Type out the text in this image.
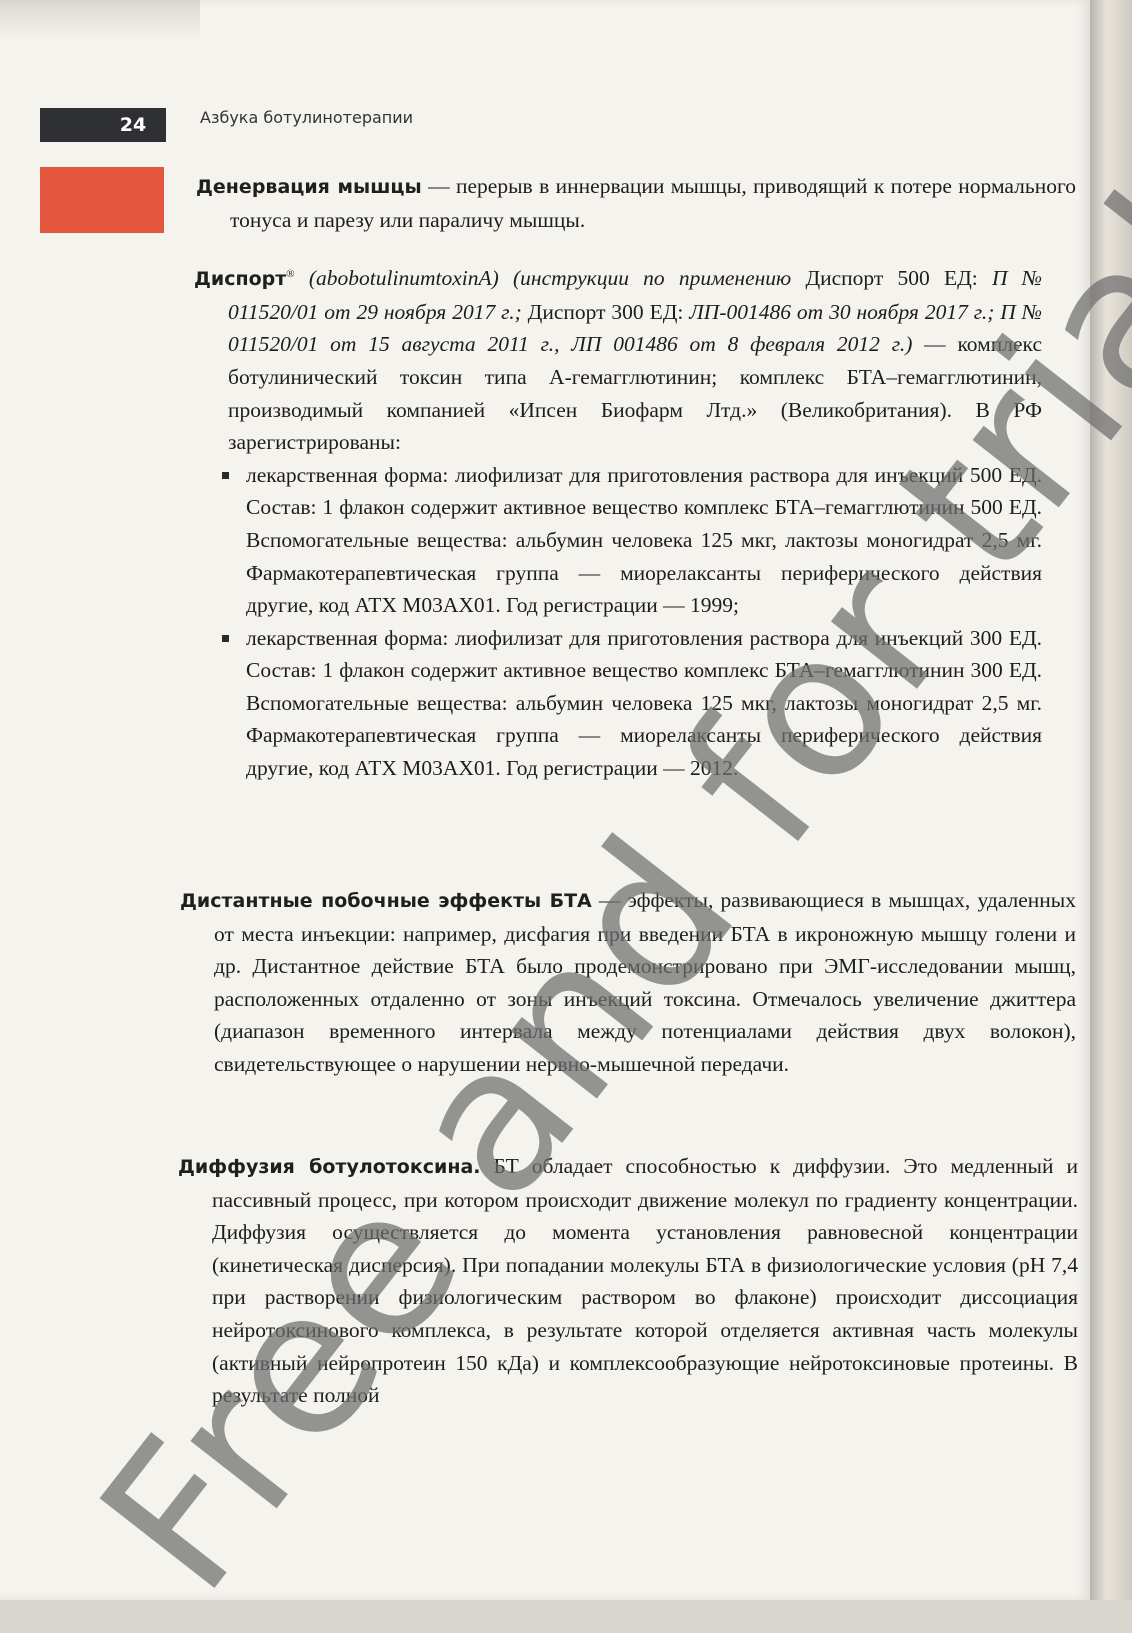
24	Азбука ботулинотерапии

Денервация мышцы — перерыв в иннервации мышцы, приводящий к потере нормального тонуса и парезу или параличу мышцы.

Диспорт® (abobotulinumtoxinA) (инструкции по применению Диспорт 500 ЕД: П № 011520/01 от 29 ноября 2017 г.; Диспорт 300 ЕД: ЛП-001486 от 30 ноября 2017 г.; П № 011520/01 от 15 августа 2011 г., ЛП 001486 от 8 февраля 2012 г.) — комплекс ботулинический токсин типа А-гемагглютинин; комплекс БТА–гемагглютинин, производимый компанией «Ипсен Биофарм Лтд.» (Великобритания). В РФ зарегистрированы:

лекарственная форма: лиофилизат для приготовления раствора для инъекций 500 ЕД. Состав: 1 флакон содержит активное вещество комплекс БТА–гемагглютинин 500 ЕД. Вспомогательные вещества: альбумин человека 125 мкг, лактозы моногидрат 2,5 мг. Фармакотерапевтическая группа — миорелаксанты периферического действия другие, код АТХ M03AX01. Год регистрации — 1999;
лекарственная форма: лиофилизат для приготовления раствора для инъекций 300 ЕД. Состав: 1 флакон содержит активное вещество комплекс БТА–гемагглютинин 300 ЕД. Вспомогательные вещества: альбумин человека 125 мкг, лактозы моногидрат 2,5 мг. Фармакотерапевтическая группа — миорелаксанты периферического действия другие, код АТХ M03AX01. Год регистрации — 2012.

Дистантные побочные эффекты БТА — эффекты, развивающиеся в мышцах, удаленных от места инъекции: например, дисфагия при введении БТА в икроножную мышцу голени и др. Дистантное действие БТА было продемонстрировано при ЭМГ-исследовании мышц, расположенных отдаленно от зоны инъекций токсина. Отмечалось увеличение джиттера (диапазон временного интервала между потенциалами действия двух волокон), свидетельствующее о нарушении нервно-мышечной передачи.

Диффузия ботулотоксина. БТ обладает способностью к диффузии. Это медленный и пассивный процесс, при котором происходит движение молекул по градиенту концентрации. Диффузия осуществляется до момента установления равновесной концентрации (кинетическая дисперсия). При попадании молекулы БТА в физиологические условия (pH 7,4 при растворении физиологическим раствором во флаконе) происходит диссоциация нейротоксинового комплекса, в результате которой отделяется активная часть молекулы (активный нейропротеин 150 кДа) и комплексообразующие нейротоксиновые протеины. В результате полной

Free and for trial
